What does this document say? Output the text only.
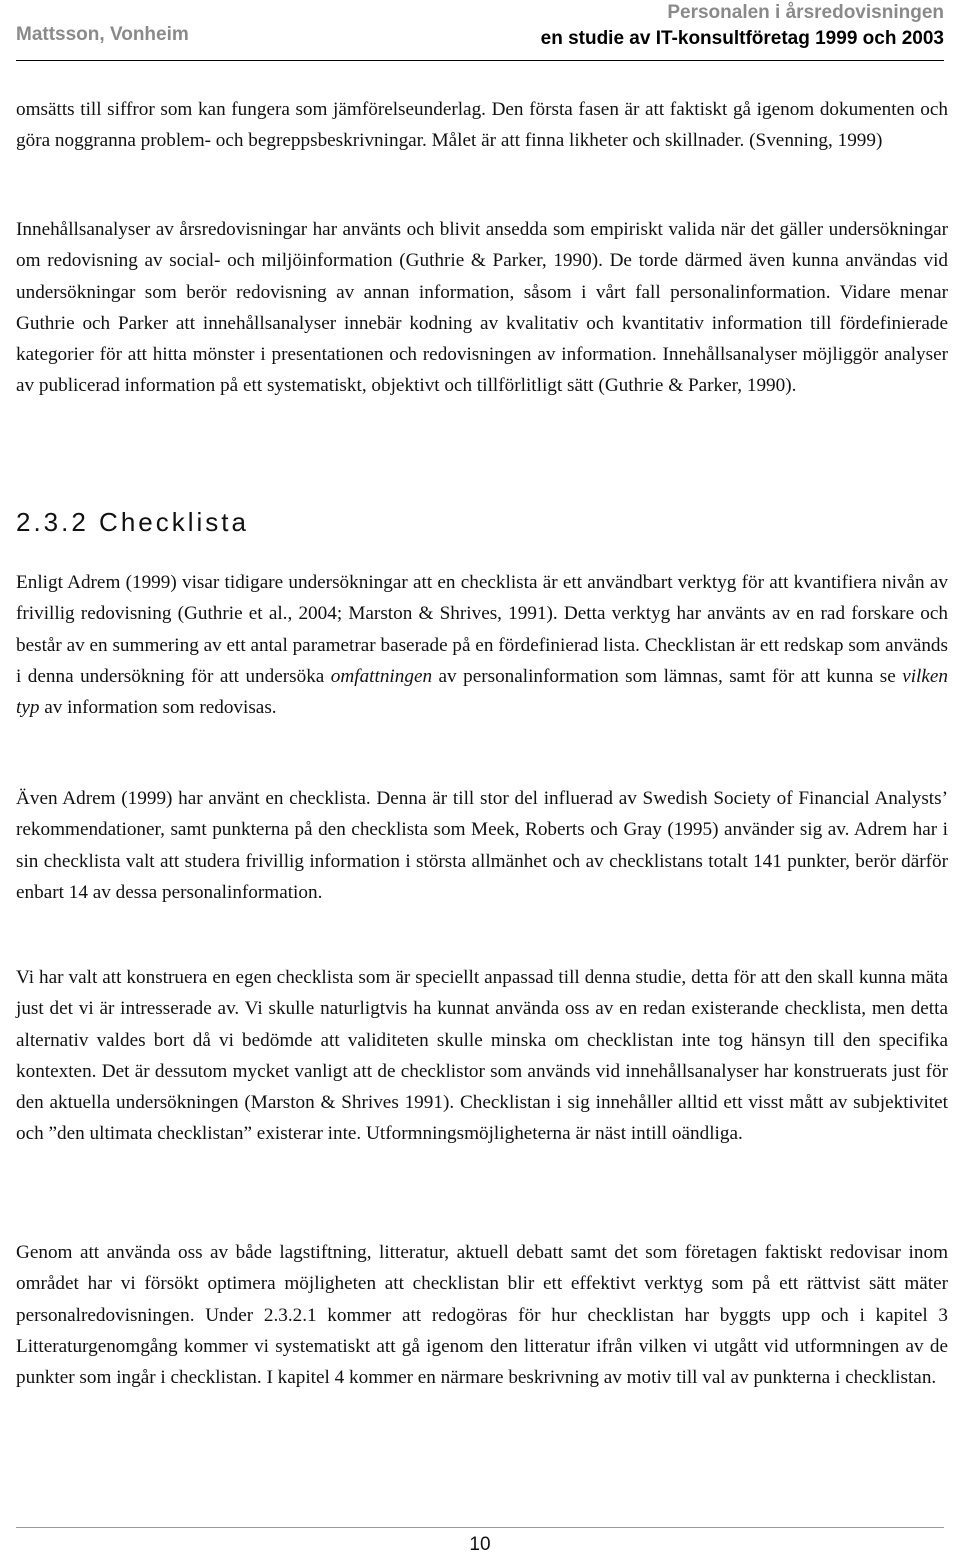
Mattsson, Vonheim
Personalen i årsredovisningen
en studie av IT-konsultföretag 1999 och 2003

omsätts till siffror som kan fungera som jämförelseunderlag. Den första fasen är att faktiskt gå igenom dokumenten och göra noggranna problem- och begreppsbeskrivningar. Målet är att finna likheter och skillnader. (Svenning, 1999)

Innehållsanalyser av årsredovisningar har använts och blivit ansedda som empiriskt valida när det gäller undersökningar om redovisning av social- och miljöinformation (Guthrie & Parker, 1990). De torde därmed även kunna användas vid undersökningar som berör redovisning av annan information, såsom i vårt fall personalinformation. Vidare menar Guthrie och Parker att innehållsanalyser innebär kodning av kvalitativ och kvantitativ information till fördefinierade kategorier för att hitta mönster i presentationen och redovisningen av information. Innehållsanalyser möjliggör analyser av publicerad information på ett systematiskt, objektivt och tillförlitligt sätt (Guthrie & Parker, 1990).

2.3.2 Checklista

Enligt Adrem (1999) visar tidigare undersökningar att en checklista är ett användbart verktyg för att kvantifiera nivån av frivillig redovisning (Guthrie et al., 2004; Marston & Shrives, 1991). Detta verktyg har använts av en rad forskare och består av en summering av ett antal parametrar baserade på en fördefinierad lista. Checklistan är ett redskap som används i denna undersökning för att undersöka omfattningen av personalinformation som lämnas, samt för att kunna se vilken typ av information som redovisas.

Även Adrem (1999) har använt en checklista. Denna är till stor del influerad av Swedish Society of Financial Analysts’ rekommendationer, samt punkterna på den checklista som Meek, Roberts och Gray (1995) använder sig av. Adrem har i sin checklista valt att studera frivillig information i största allmänhet och av checklistans totalt 141 punkter, berör därför enbart 14 av dessa personalinformation.

Vi har valt att konstruera en egen checklista som är speciellt anpassad till denna studie, detta för att den skall kunna mäta just det vi är intresserade av. Vi skulle naturligtvis ha kunnat använda oss av en redan existerande checklista, men detta alternativ valdes bort då vi bedömde att validiteten skulle minska om checklistan inte tog hänsyn till den specifika kontexten. Det är dessutom mycket vanligt att de checklistor som används vid innehållsanalyser har konstruerats just för den aktuella undersökningen (Marston & Shrives 1991). Checklistan i sig innehåller alltid ett visst mått av subjektivitet och ”den ultimata checklistan” existerar inte. Utformningsmöjligheterna är näst intill oändliga.

Genom att använda oss av både lagstiftning, litteratur, aktuell debatt samt det som företagen faktiskt redovisar inom området har vi försökt optimera möjligheten att checklistan blir ett effektivt verktyg som på ett rättvist sätt mäter personalredovisningen. Under 2.3.2.1 kommer att redogöras för hur checklistan har byggts upp och i kapitel 3 Litteraturgenomgång kommer vi systematiskt att gå igenom den litteratur ifrån vilken vi utgått vid utformningen av de punkter som ingår i checklistan. I kapitel 4 kommer en närmare beskrivning av motiv till val av punkterna i checklistan.

10
